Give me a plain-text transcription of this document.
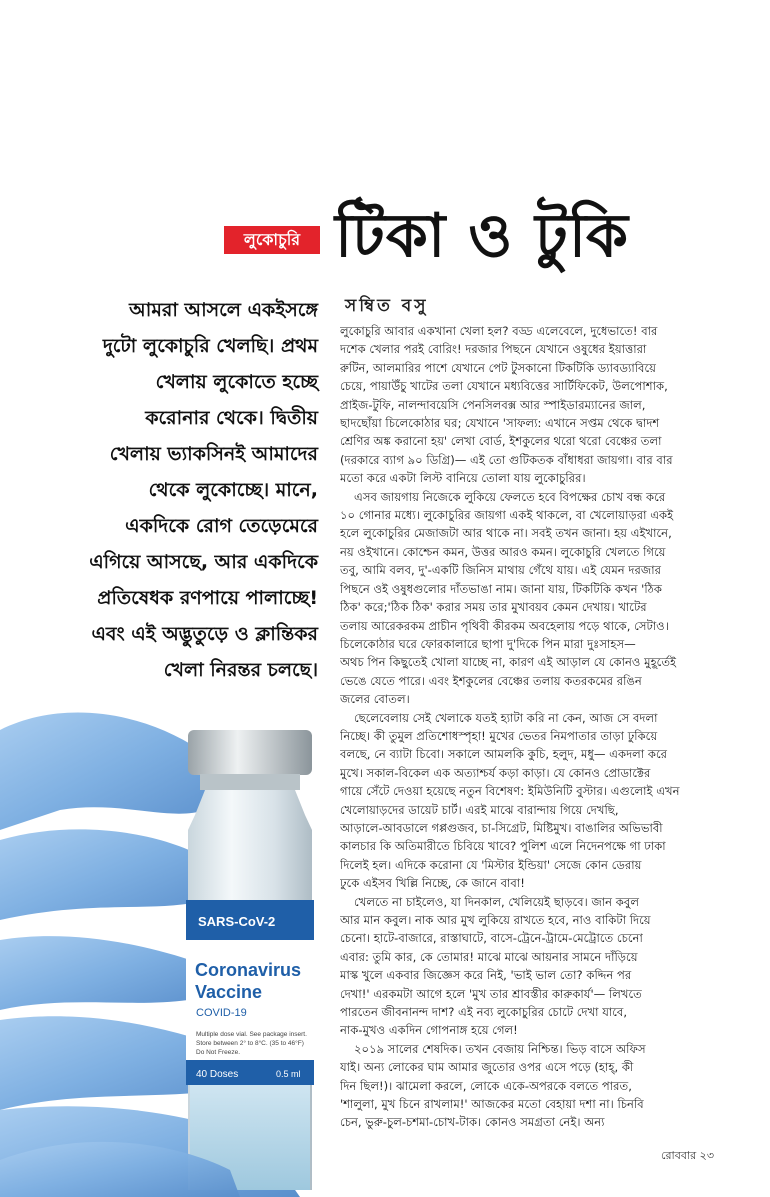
লুকোচুরি টিকা ও টুকি
সম্বিত বসু

আমরা আসলে একইসঙ্গে

দুটো লুকোচুরি খেলছি। প্রথম

খেলায় লুকোতে হচ্ছে

করোনার থেকে। দ্বিতীয়

খেলায় ভ্যাকসিনই আমাদের

থেকে লুকোচ্ছে। মানে,

একদিকে রোগ তেড়েমেরে

এগিয়ে আসছে, আর একদিকে

প্রতিষেধক রণপায়ে পালাচ্ছে!

এবং এই অদ্ভুতুড়ে ও ক্লান্তিকর

খেলা নিরন্তর চলছে।

লুকোচুরি আবার একখানা খেলা হল? বড্ড এলেবেলে, দুধেভাতে! বার
দশেক খেলার পরই বোরিং! দরজার পিছনে যেখানে ওষুধের ইয়াত্তারা
রুটিন, আলমারির পাশে যেখানে পেট টুসকানো টিকটিকি ড্যাবড্যাবিয়ে
চেয়ে, পায়াউঁচু খাটের তলা যেখানে মধ্যবিত্তের সার্টিফিকেট, উলপোশাক,
প্রাইজ-টুফি, নালন্দাবয়েসি পেনসিলবক্স আর স্পাইডারম্যানের জাল,
ছাদছোঁয়া চিলেকোঠার ঘর; যেখানে 'সাফল্য: এখানে সপ্তম থেকে দ্বাদশ
শ্রেণির অঙ্ক করানো হয়' লেখা বোর্ড, ইশকুলের থরো থরো বেঞ্চের তলা
(দরকারে ব্যাগ ৯০ ডিগ্রি)— এই তো গুটিকতক বাঁধাধরা জায়গা। বার বার
মতো করে একটা লিস্ট বানিয়ে তোলা যায় লুকোচুরির।
এসব জায়গায় নিজেকে লুকিয়ে ফেলতে হবে বিপক্ষের চোখ বন্ধ করে
১০ গোনার মধ্যে। লুকোচুরির জায়গা একই থাকলে, বা খেলোয়াড়রা একই
হলে লুকোচুরির মেজাজটা আর থাকে না। সবই তখন জানা। হয় এইখানে,
নয় ওইখানে। কোশ্চেন কমন, উত্তর আরও কমন। লুকোচুরি খেলতে গিয়ে
তবু, আমি বলব, দু'-একটি জিনিস মাথায় গেঁথে যায়। এই যেমন দরজার
পিছনে ওই ওষুধগুলোর দাঁতভাঙা নাম। জানা যায়, টিকটিকি কখন 'ঠিক
ঠিক' করে;'ঠিক ঠিক' করার সময় তার মুখাবয়ব কেমন দেখায়। খাটের
তলায় আরেকরকম প্রাচীন পৃথিবী কীরকম অবহেলায় পড়ে থাকে, সেটাও।
চিলেকোঠার ঘরে ফোরকালারে ছাপা দু'দিকে পিন মারা দুঃসাহস—
অথচ পিন কিছুতেই খোলা যাচ্ছে না, কারণ এই আড়াল যে কোনও মুহূর্তেই
ভেঙে যেতে পারে। এবং ইশকুলের বেঞ্চের তলায় কতরকমের রঙিন
জলের বোতল।
ছেলেবেলায় সেই খেলাকে যতই হ্যাটা করি না কেন, আজ সে বদলা
নিচ্ছে। কী তুমুল প্রতিশোধস্পৃহা! মুখের ভেতর নিমপাতার তাড়া ঢুকিয়ে
বলছে, নে ব্যাটা চিবো। সকালে আমলকি কুচি, হলুদ, মধু— একদলা করে
মুখে। সকাল-বিকেল এক অত্যাশ্চর্য কড়া কাড়া। যে কোনও প্রোডাক্টের
গায়ে সেঁটে দেওয়া হয়েছে নতুন বিশেষণ: ইমিউনিটি বুস্টার। এগুলোই এখন
খেলোয়াড়দের ডায়েট চার্ট। এরই মাঝে বারান্দায় গিয়ে দেখছি,
আড়ালে-আবডালে গপ্পগুজব, চা-সিগ্রেট, মিষ্টিমুখ। বাঙালির অভিভাবী
কালচার কি অতিমারীতে চিবিয়ে খাবে? পুলিশ এলে নিদেনপক্ষে গা ঢাকা
দিলেই হল। এদিকে করোনা যে 'মিস্টার ইন্ডিয়া' সেজে কোন ডেরায়
ঢুকে এইসব খিল্লি নিচ্ছে, কে জানে বাবা!
খেলতে না চাইলেও, যা দিনকাল, খেলিয়েই ছাড়বে। জান কবুল
আর মান কবুল। নাক আর মুখ লুকিয়ে রাখতে হবে, নাও বাকিটা দিয়ে
চেনো। হাটে-বাজারে, রাস্তাঘাটে, বাসে-ট্রেনে-ট্রামে-মেট্রোতে চেনো
এবার: তুমি কার, কে তোমার! মাঝে মাঝে আয়নার সামনে দাঁড়িয়ে
মাস্ক খুলে একবার জিজ্ঞেস করে নিই, 'ভাই ভাল তো? কদ্দিন পর
দেখা!' এরকমটা আগে হলে 'মুখ তার শ্রাবস্তীর কারুকার্য'— লিখতে
পারতেন জীবনানন্দ দাশ? এই নব্য লুকোচুরির চোটে দেখা যাবে,
নাক-মুখও একদিন গোপনাঙ্গ হয়ে গেল!
২০১৯ সালের শেষদিক। তখন বেজায় নিশ্চিন্ত। ভিড় বাসে অফিস
যাই। অন্য লোকের ঘাম আমার জুতোর ওপর এসে পড়ে (হাহ্, কী
দিন ছিল!)। ঝামেলা করলে, লোকে একে-অপরকে বলতে পারত,
'শালুলা, মুখ চিনে রাখলাম!' আজকের মতো বেহায়া দশা না। চিনবি
চেন, ভুরু-চুল-চশমা-চোখ-টাক। কোনও সমগ্রতা নেই। অন্য
SARS-CoV-2
Coronavirus
Vaccine
COVID-19
Multiple dose vial. See package insert.
Store between 2° to 8°C. (35 to 46°F)
Do Not Freeze.
40 Doses	0.5 ml
রোববার ২৩
